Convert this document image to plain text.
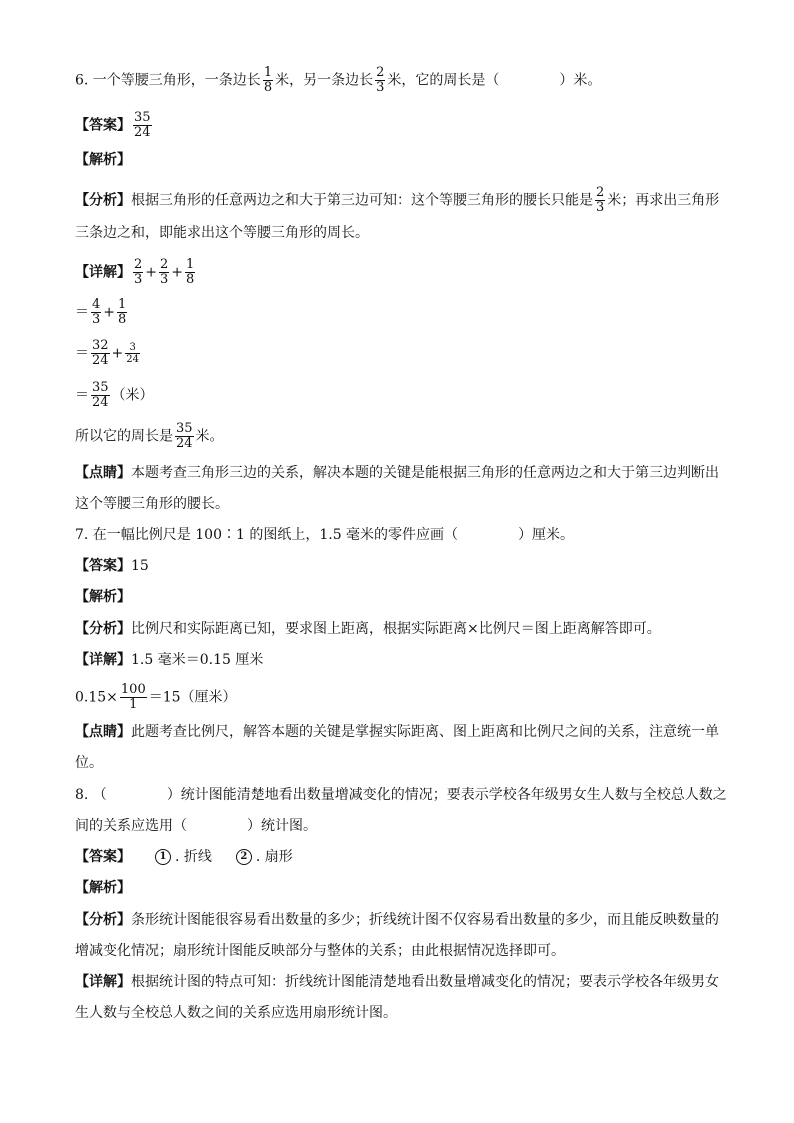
6. 一个等腰三角形，一条边长 $\frac{1}{8}$ 米，另一条边长 $\frac{2}{3}$ 米，它的周长是（	）米。
【答案】 $\frac{35}{24}$
【解析】
【分析】根据三角形的任意两边之和大于第三边可知：这个等腰三角形的腰长只能是 $\frac{2}{3}$ 米；再求出三角形
三条边之和，即能求出这个等腰三角形的周长。
【详解】 $\frac{2}{3} + \frac{2}{3} + \frac{1}{8}$
＝ $\frac{4}{3} + \frac{1}{8}$
＝ $\frac{32}{24} + \frac{3}{24}$
＝ $\frac{35}{24}$ （米）
所以它的周长是 $\frac{35}{24}$ 米。
【点睛】本题考查三角形三边的关系，解决本题的关键是能根据三角形的任意两边之和大于第三边判断出
这个等腰三角形的腰长。
7. 在一幅比例尺是 100∶1 的图纸上，1.5 毫米的零件应画（	）厘米。
【答案】15
【解析】
【分析】比例尺和实际距离已知，要求图上距离，根据实际距离×比例尺＝图上距离解答即可。
【详解】1.5 毫米＝0.15 厘米
$0.15\times \frac{100}{1} =15$（厘米）
【点睛】此题考查比例尺，解答本题的关键是掌握实际距离、图上距离和比例尺之间的关系，注意统一单
位。
8. （	）统计图能清楚地看出数量增减变化的情况；要表示学校各年级男女生人数与全校总人数之
间的关系应选用（	）统计图。
【答案】	1 . 折线	2 . 扇形
【解析】
【分析】条形统计图能很容易看出数量的多少；折线统计图不仅容易看出数量的多少，而且能反映数量的
增减变化情况；扇形统计图能反映部分与整体的关系；由此根据情况选择即可。
【详解】根据统计图的特点可知：折线统计图能清楚地看出数量增减变化的情况；要表示学校各年级男女
生人数与全校总人数之间的关系应选用扇形统计图。
